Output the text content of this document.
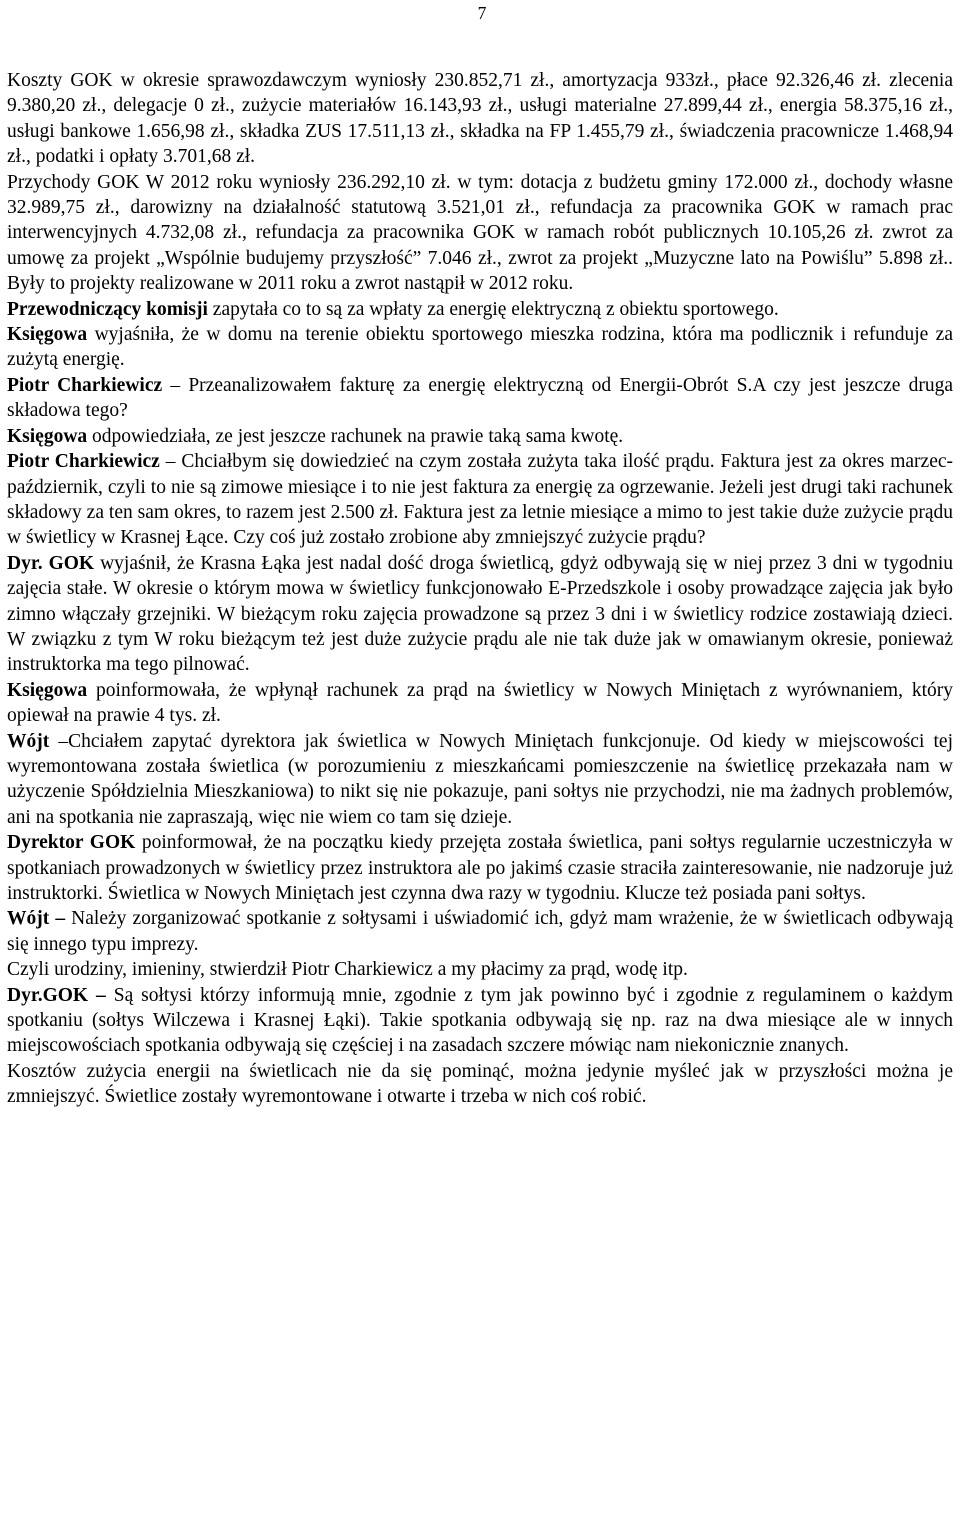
7

Koszty GOK w okresie sprawozdawczym wyniosły 230.852,71 zł., amortyzacja 933zł., płace 92.326,46 zł. zlecenia 9.380,20 zł., delegacje 0 zł., zużycie materiałów 16.143,93 zł., usługi materialne 27.899,44 zł., energia 58.375,16 zł., usługi bankowe 1.656,98 zł., składka ZUS 17.511,13 zł., składka na FP 1.455,79 zł., świadczenia pracownicze 1.468,94 zł., podatki i opłaty 3.701,68 zł.

Przychody GOK W 2012 roku wyniosły 236.292,10 zł. w tym: dotacja z budżetu gminy 172.000 zł., dochody własne 32.989,75 zł., darowizny na działalność statutową 3.521,01 zł., refundacja za pracownika GOK w ramach prac interwencyjnych 4.732,08 zł., refundacja za pracownika GOK w ramach robót publicznych 10.105,26 zł. zwrot za umowę za projekt „Wspólnie budujemy przyszłość” 7.046 zł., zwrot za projekt „Muzyczne lato na Powiślu” 5.898 zł.. Były to projekty realizowane w 2011 roku a zwrot nastąpił w 2012 roku.

Przewodniczący komisji zapytała co to są za wpłaty za energię elektryczną z obiektu sportowego.

Księgowa wyjaśniła, że w domu na terenie obiektu sportowego mieszka rodzina, która ma podlicznik i refunduje za zużytą energię.

Piotr Charkiewicz – Przeanalizowałem fakturę za energię elektryczną od Energii-Obrót S.A czy jest jeszcze druga składowa tego?

Księgowa odpowiedziała, ze jest jeszcze rachunek na prawie taką sama kwotę.

Piotr Charkiewicz – Chciałbym się dowiedzieć na czym została zużyta taka ilość prądu. Faktura jest za okres marzec-październik, czyli to nie są zimowe miesiące i to nie jest faktura za energię za ogrzewanie. Jeżeli jest drugi taki rachunek składowy za ten sam okres, to razem jest 2.500 zł. Faktura jest za letnie miesiące a mimo to jest takie duże zużycie prądu w świetlicy w Krasnej Łące. Czy coś już zostało zrobione aby zmniejszyć zużycie prądu?

Dyr. GOK wyjaśnił, że Krasna Łąka jest nadal dość droga świetlicą, gdyż odbywają się w niej przez 3 dni w tygodniu zajęcia stałe. W okresie o którym mowa w świetlicy funkcjonowało E-Przedszkole i osoby prowadzące zajęcia jak było zimno włączały grzejniki. W bieżącym roku zajęcia prowadzone są przez 3 dni i w świetlicy rodzice zostawiają dzieci. W związku z tym W roku bieżącym też jest duże zużycie prądu ale nie tak duże jak w omawianym okresie, ponieważ instruktorka ma tego pilnować.

Księgowa poinformowała, że wpłynął rachunek za prąd na świetlicy w Nowych Miniętach z wyrównaniem, który opiewał na prawie 4 tys. zł.

Wójt –Chciałem zapytać dyrektora jak świetlica w Nowych Miniętach funkcjonuje. Od kiedy w miejscowości tej wyremontowana została świetlica (w porozumieniu z mieszkańcami pomieszczenie na świetlicę przekazała nam w użyczenie Spółdzielnia Mieszkaniowa) to nikt się nie pokazuje, pani sołtys nie przychodzi, nie ma żadnych problemów, ani na spotkania nie zapraszają, więc nie wiem co tam się dzieje.

Dyrektor GOK poinformował, że na początku kiedy przejęta została świetlica, pani sołtys regularnie uczestniczyła w spotkaniach prowadzonych w świetlicy przez instruktora ale po jakimś czasie straciła zainteresowanie, nie nadzoruje już instruktorki. Świetlica w Nowych Miniętach jest czynna dwa razy w tygodniu. Klucze też posiada pani sołtys.

Wójt – Należy zorganizować spotkanie z sołtysami i uświadomić ich, gdyż mam wrażenie, że w świetlicach odbywają się innego typu imprezy.

Czyli urodziny, imieniny, stwierdził Piotr Charkiewicz a my płacimy za prąd, wodę itp.

Dyr.GOK – Są sołtysi którzy informują mnie, zgodnie z tym jak powinno być i zgodnie z regulaminem o każdym spotkaniu (sołtys Wilczewa i Krasnej Łąki). Takie spotkania odbywają się np. raz na dwa miesiące ale w innych miejscowościach spotkania odbywają się częściej i na zasadach szczere mówiąc nam niekonicznie znanych.

Kosztów zużycia energii na świetlicach nie da się pominąć, można jedynie myśleć jak w przyszłości można je zmniejszyć. Świetlice zostały wyremontowane i otwarte i trzeba w nich coś robić.
